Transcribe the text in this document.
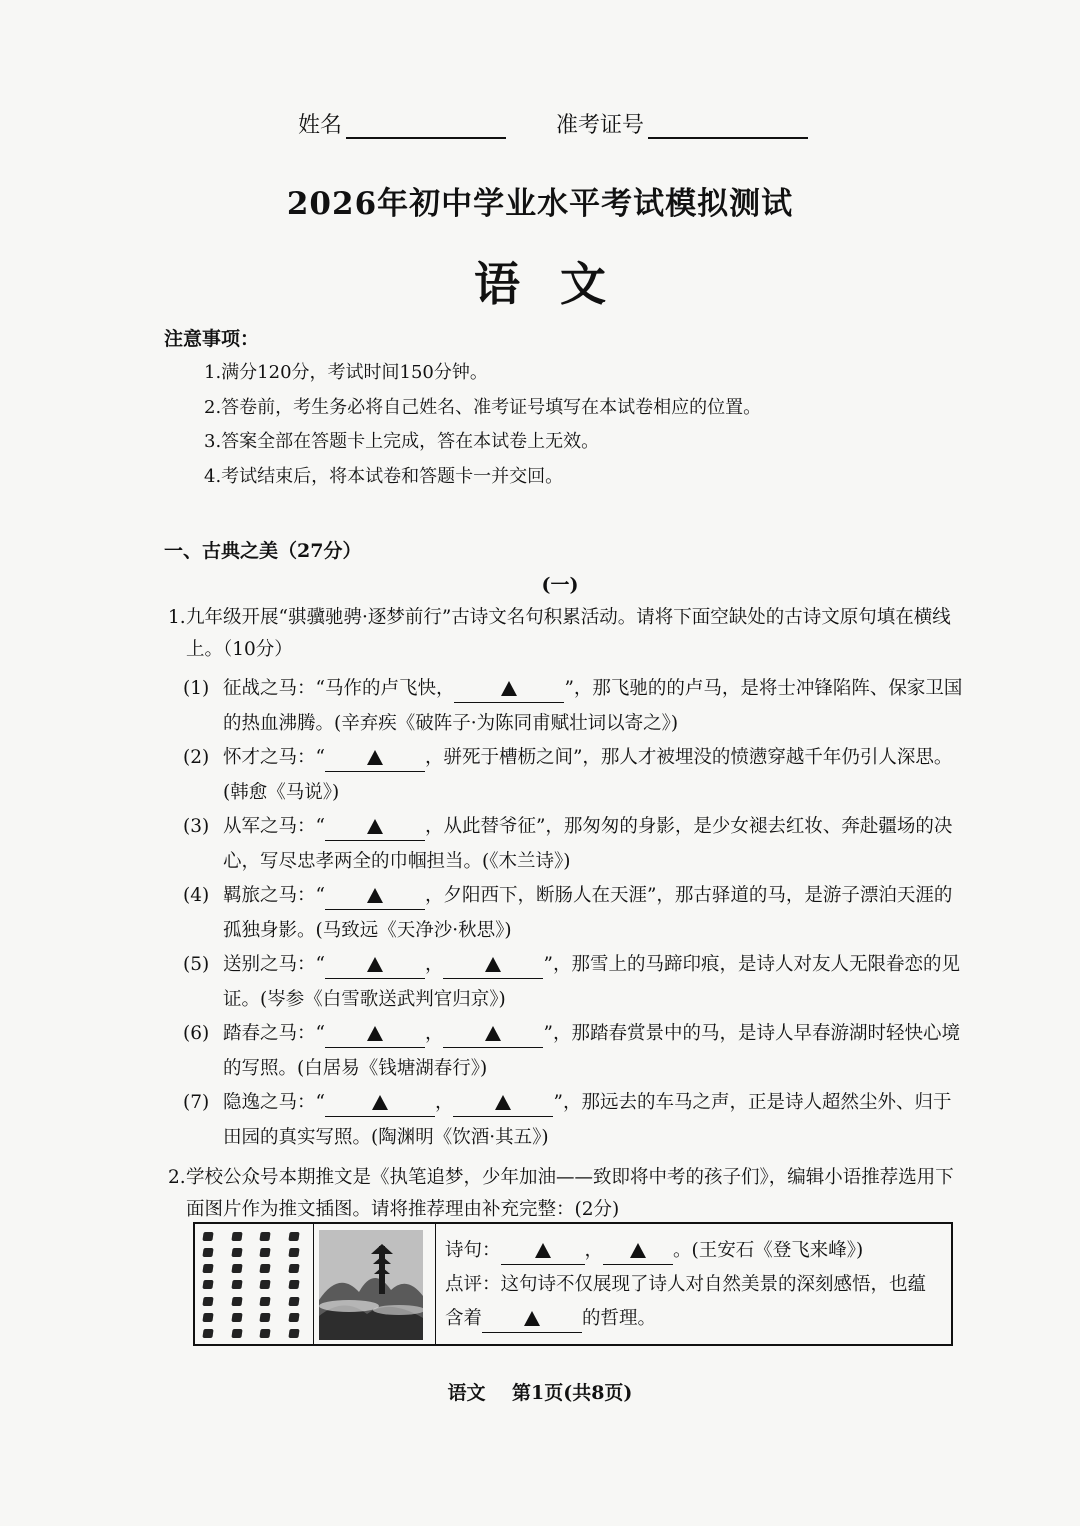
姓名	准考证号
2026年初中学业水平考试模拟测试
语文
注意事项：
1.满分120分，考试时间150分钟。
2.答卷前，考生务必将自己姓名、准考证号填写在本试卷相应的位置。
3.答案全部在答题卡上完成，答在本试卷上无效。
4.考试结束后，将本试卷和答题卡一并交回。
一、古典之美（27分）
(一)
1. 九年级开展“骐骥驰骋·逐梦前行”古诗文名句积累活动。请将下面空缺处的古诗文原句填在横线上。（10分）
(1) 征战之马：“马作的卢飞快，	”，那飞驰的的卢马，是将士冲锋陷阵、保家卫国的热血沸腾。(辛弃疾《破阵子·为陈同甫赋壮词以寄之》)
(2) 怀才之马：“	，骈死于槽枥之间”，那人才被埋没的愤懑穿越千年仍引人深思。(韩愈《马说》)
(3) 从军之马：“	，从此替爷征”，那匆匆的身影，是少女褪去红妆、奔赴疆场的决心，写尽忠孝两全的巾帼担当。(《木兰诗》)
(4) 羁旅之马：“	，夕阳西下，断肠人在天涯”，那古驿道的马，是游子漂泊天涯的孤独身影。(马致远《天净沙·秋思》)
(5) 送别之马：“	，	”，那雪上的马蹄印痕，是诗人对友人无限眷恋的见证。(岑参《白雪歌送武判官归京》)
(6) 踏春之马：“	，	”，那踏春赏景中的马，是诗人早春游湖时轻快心境的写照。(白居易《钱塘湖春行》)
(7) 隐逸之马：“	，	”，那远去的车马之声，正是诗人超然尘外、归于田园的真实写照。(陶渊明《饮酒·其五》)
2. 学校公众号本期推文是《执笔追梦，少年加油——致即将中考的孩子们》，编辑小语推荐选用下面图片作为推文插图。请将推荐理由补充完整：(2分)
诗句：	，	。(王安石《登飞来峰》)
点评：这句诗不仅展现了诗人对自然美景的深刻感悟，也蕴含着	的哲理。
语文    第1页(共8页)
